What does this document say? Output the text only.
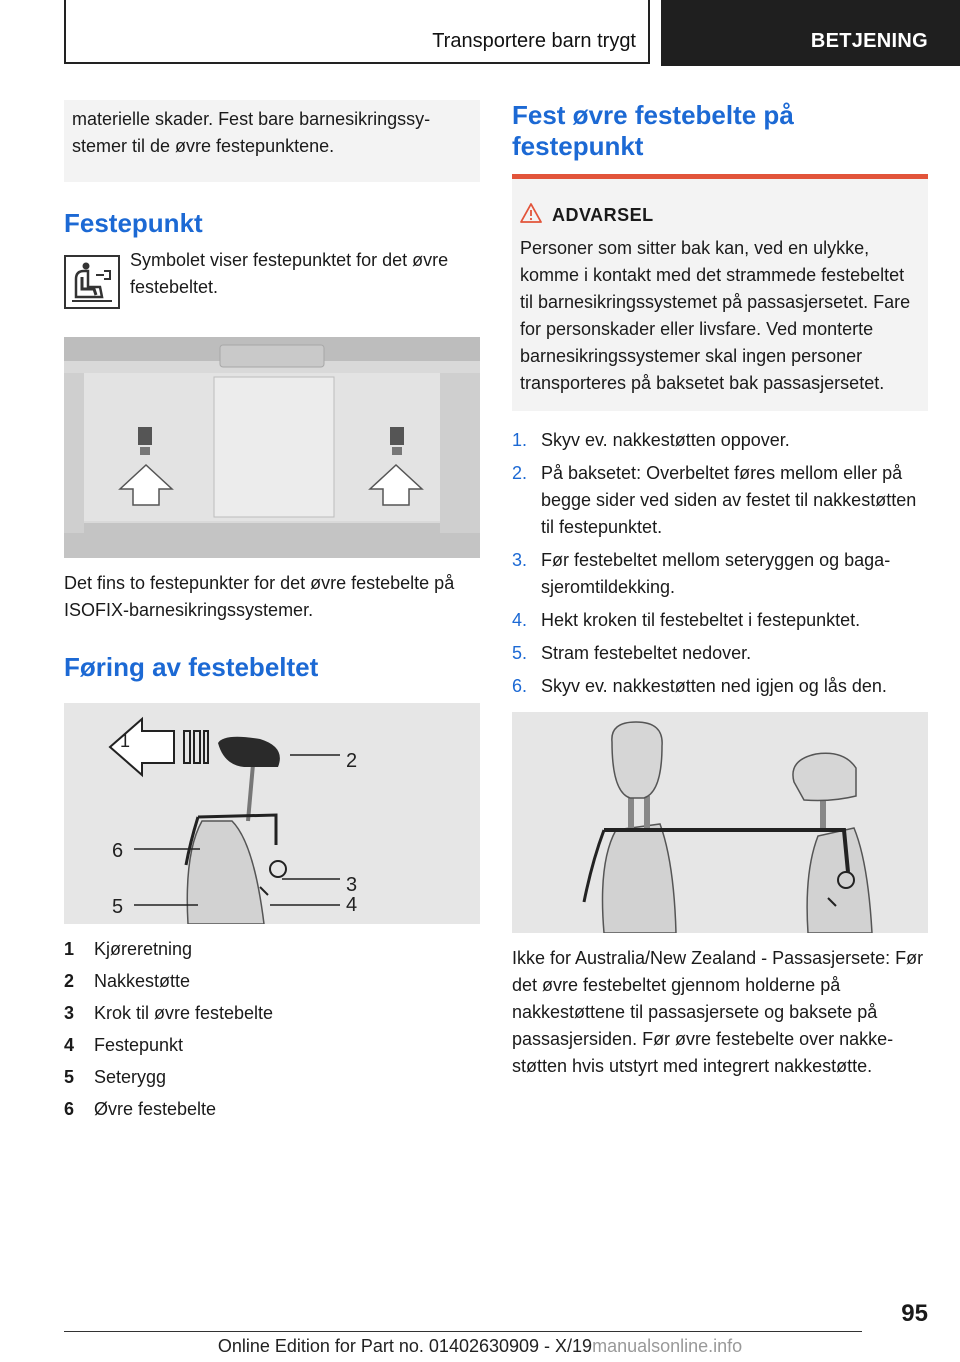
Transportere barn trygt	BETJENING
materielle skader. Fest bare barnesikringssystemer til de øvre festepunktene.
Festepunkt
Symbolet viser festepunktet for det øvre festebeltet.
Det fins to festepunkter for det øvre festebelte på ISOFIX-barnesikringssystemer.
Føring av festebeltet
1
2
3
4
5
6
1	Kjøreretning
2	Nakkestøtte
3	Krok til øvre festebelte
4	Festepunkt
5	Seterygg
6	Øvre festebelte
Fest øvre festebelte på festepunkt
ADVARSEL
Personer som sitter bak kan, ved en ulykke, komme i kontakt med det strammede festebeltet til barnesikringssystemet på passasjersetet. Fare for personskader eller livsfare. Ved monterte barnesikringssystemer skal ingen personer transporteres på baksetet bak passasjersetet.
1. Skyv ev. nakkestøtten oppover.
2. På baksetet: Overbeltet føres mellom eller på begge sider ved siden av festet til nakkestøtten til festepunktet.
3. Før festebeltet mellom seteryggen og bagasjeromtildekking.
4. Hekt kroken til festebeltet i festepunktet.
5. Stram festebeltet nedover.
6. Skyv ev. nakkestøtten ned igjen og lås den.
Ikke for Australia/New Zealand - Passasjersete: Før det øvre festebeltet gjennom holderne på nakkestøttene til passasjersete og baksete på passasjersiden. Før øvre festebelte over nakkestøtten hvis utstyrt med integrert nakkestøtte.
95
Online Edition for Part no. 01402630909 - X/19manualsonline.info
